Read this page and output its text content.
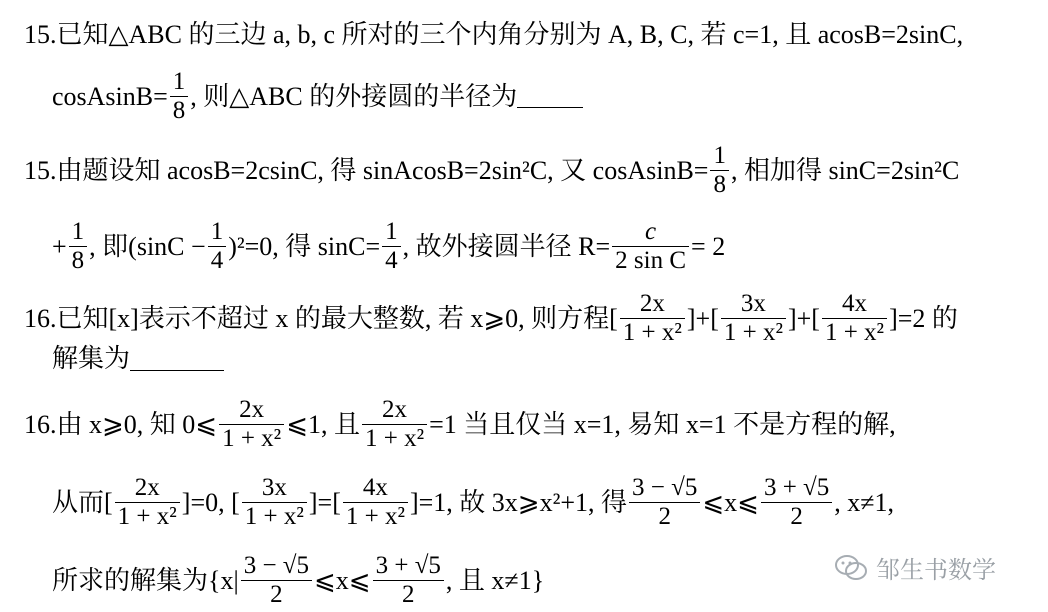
15. 已知△ABC 的三边 a, b, c 所对的三个内角分别为 A, B, C, 若 c=1, 且 acosB=2sinC,
cosAsinB= $\frac{1}{8}$ , 则△ABC 的外接圆的半径为
15. 由题设知 acosB=2csinC, 得 sinAcosB=2sin²C, 又 cosAsinB= $\frac{1}{8}$ , 相加得 sinC=2sin²C
+ $\frac{1}{8}$ , 即$(\sin C - \frac{1}{4} )^2=0$, 得 $\sin C= \frac{1}{4}$ , 故外接圆半径 $R= \frac{c}{\text{2 sin C}} = 2$
16. 已知[x]表示不超过 x 的最大整数, 若 x⩾0, 则方程[ $\frac{2x}{\text{1 + x²}}$ ]+[ $\frac{3x}{\text{1 + x²}}$ ]+[ $\frac{4x}{\text{1 + x²}} ]=2$ 的
解集为
16. 由 x⩾0, 知 0⩽ $\frac{2x}{\text{1 + x²}}$ ⩽1, 且 $\frac{2x}{\text{1 + x²}} =1$ 当且仅当 x=1, 易知 x=1 不是方程的解,
从而[ $\frac{2x}{\text{1 + x²}} ]=0$, [ $\frac{3x}{\text{1 + x²}}$ ]=[ $\frac{4x}{\text{1 + x²}} ]=1$, 故 3x⩾x²+1, 得 $\frac{3 - √5}{2}$ ⩽x⩽ $\frac{3 + √5}{2}$ , x≠1,
所求的解集为{$x| \frac{3 - √5}{2}$ ⩽x⩽ $\frac{3 + √5}{2}$ , 且 x≠1}	邹生书数学
